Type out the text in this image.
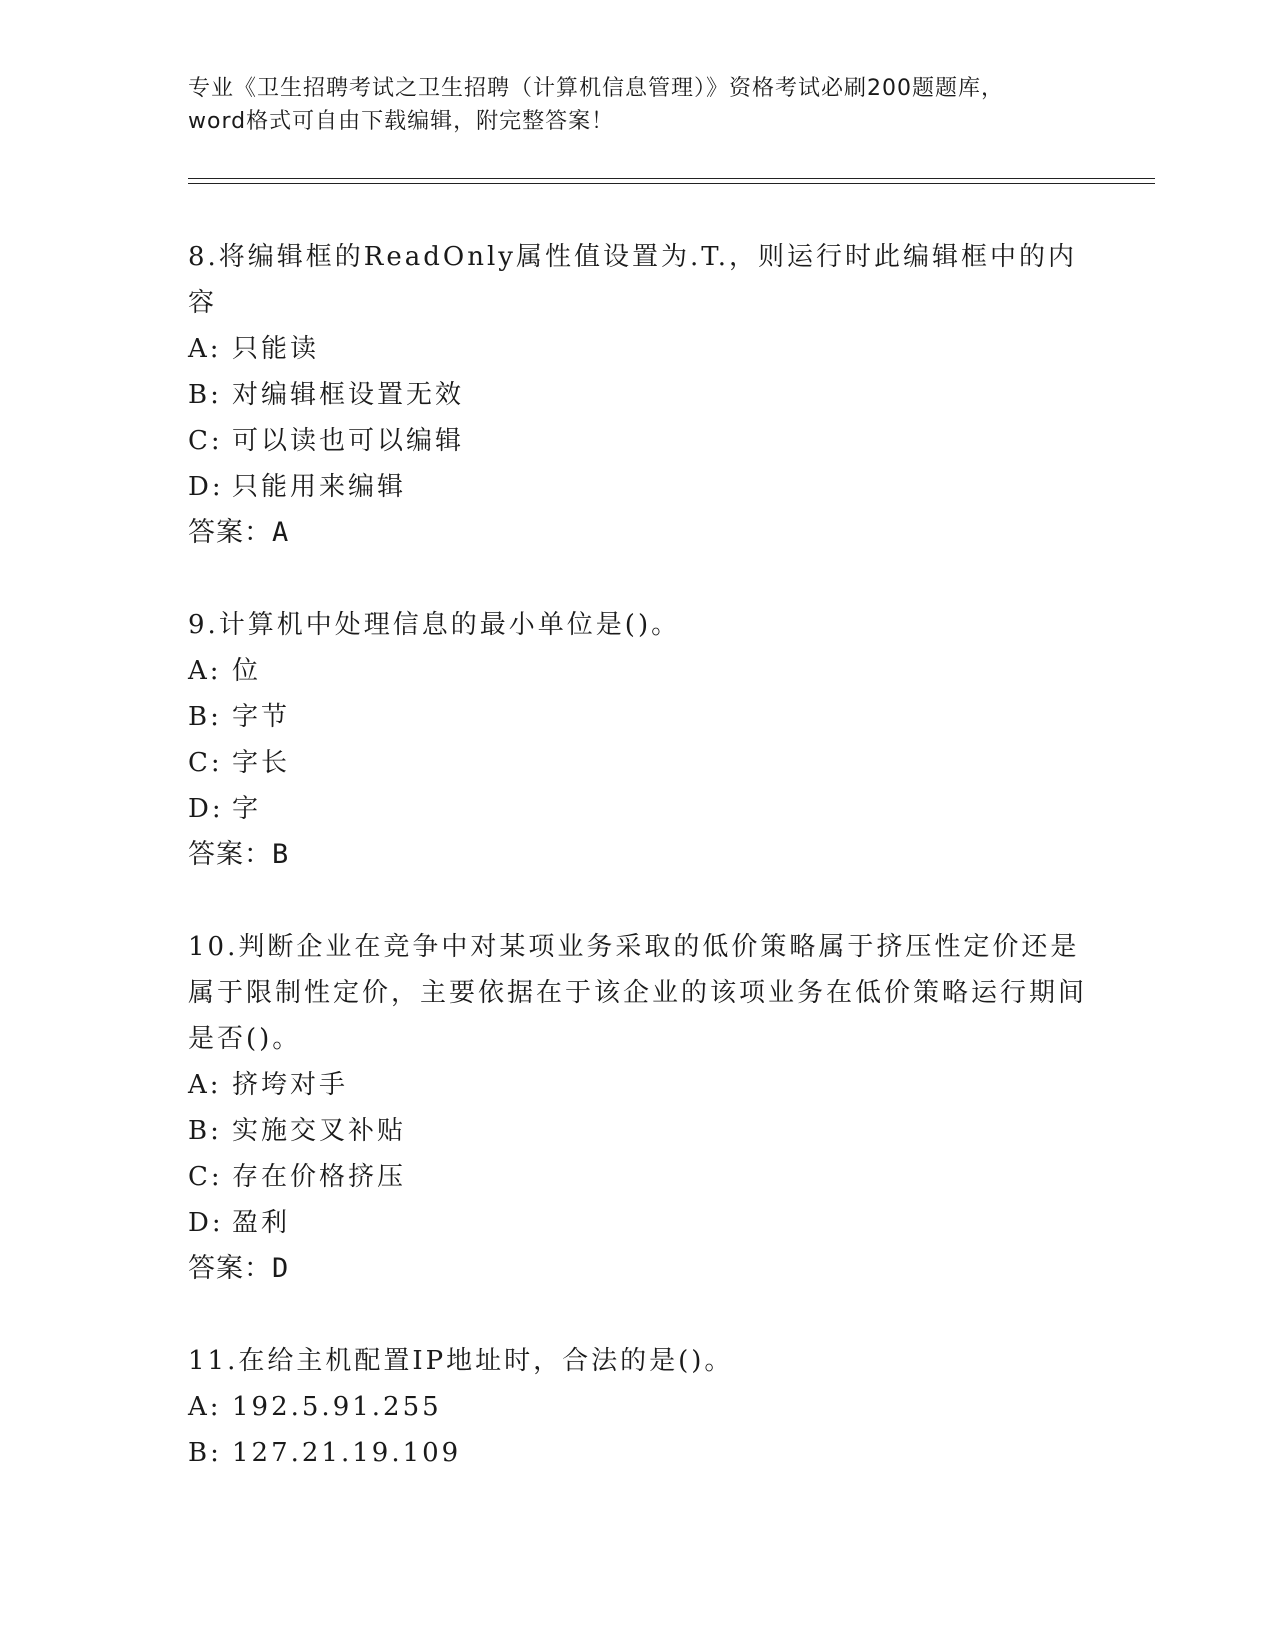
专业《卫生招聘考试之卫生招聘（计算机信息管理）》资格考试必刷200题题库，
word格式可自由下载编辑，附完整答案！

8.将编辑框的ReadOnly属性值设置为.T.，则运行时此编辑框中的内容

A: 只能读
B: 对编辑框设置无效
C: 可以读也可以编辑
D: 只能用来编辑
答案：A

9.计算机中处理信息的最小单位是()。

A: 位
B: 字节
C: 字长
D: 字
答案：B

10.判断企业在竞争中对某项业务采取的低价策略属于挤压性定价还是属于限制性定价，主要依据在于该企业的该项业务在低价策略运行期间是否()。

A: 挤垮对手
B: 实施交叉补贴
C: 存在价格挤压
D: 盈利
答案：D

11.在给主机配置IP地址时，合法的是()。

A: 192.5.91.255
B: 127.21.19.109
